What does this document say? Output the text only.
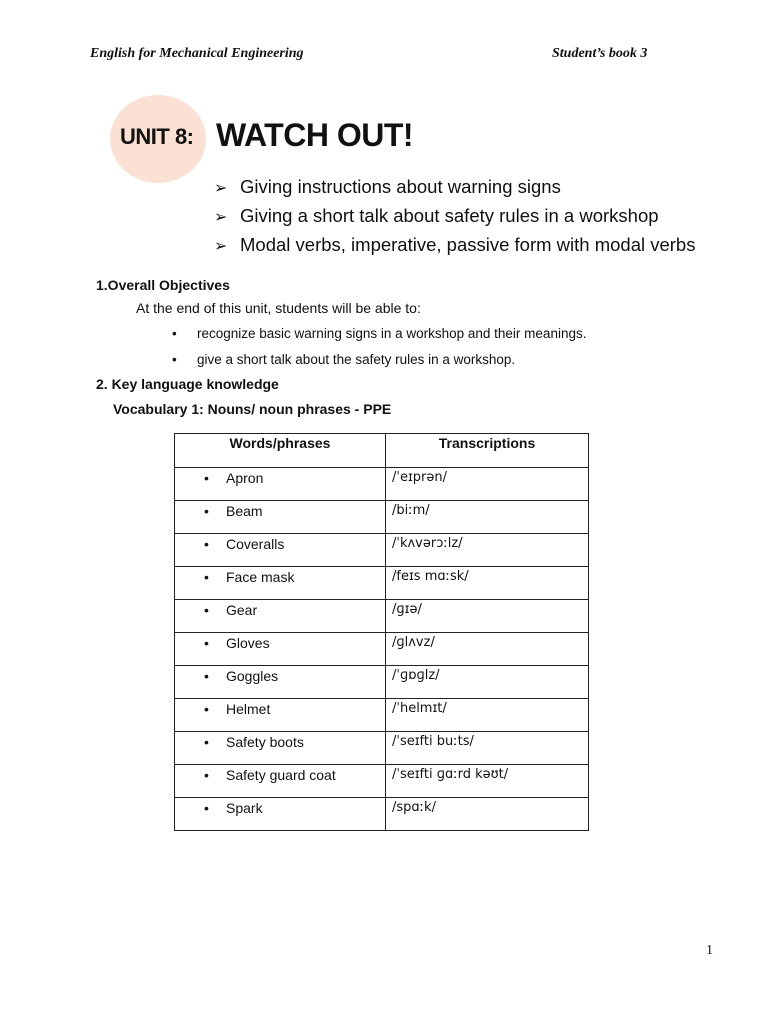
English for Mechanical Engineering	Student’s book 3
UNIT 8: WATCH OUT!
➢ Giving instructions about warning signs
➢ Giving a short talk about safety rules in a workshop
➢ Modal verbs, imperative, passive form with modal verbs
1.Overall Objectives
At the end of this unit, students will be able to:
• recognize basic warning signs in a workshop and their meanings.
• give a short talk about the safety rules in a workshop.
2. Key language knowledge
Vocabulary 1: Nouns/ noun phrases - PPE
Words/phrases	Transcriptions
• Apron	/ˈeɪprən/
• Beam	/biːm/
• Coveralls	/ˈkʌvərɔːlz/
• Face mask	/feɪs mɑːsk/
• Gear	/ɡɪə/
• Gloves	/ɡlʌvz/
• Goggles	/ˈɡɒɡlz/
• Helmet	/ˈhelmɪt/
• Safety boots	/ˈseɪfti buːts/
• Safety guard coat	/ˈseɪfti ɡɑːrd kəʊt/
• Spark	/spɑːk/
1
